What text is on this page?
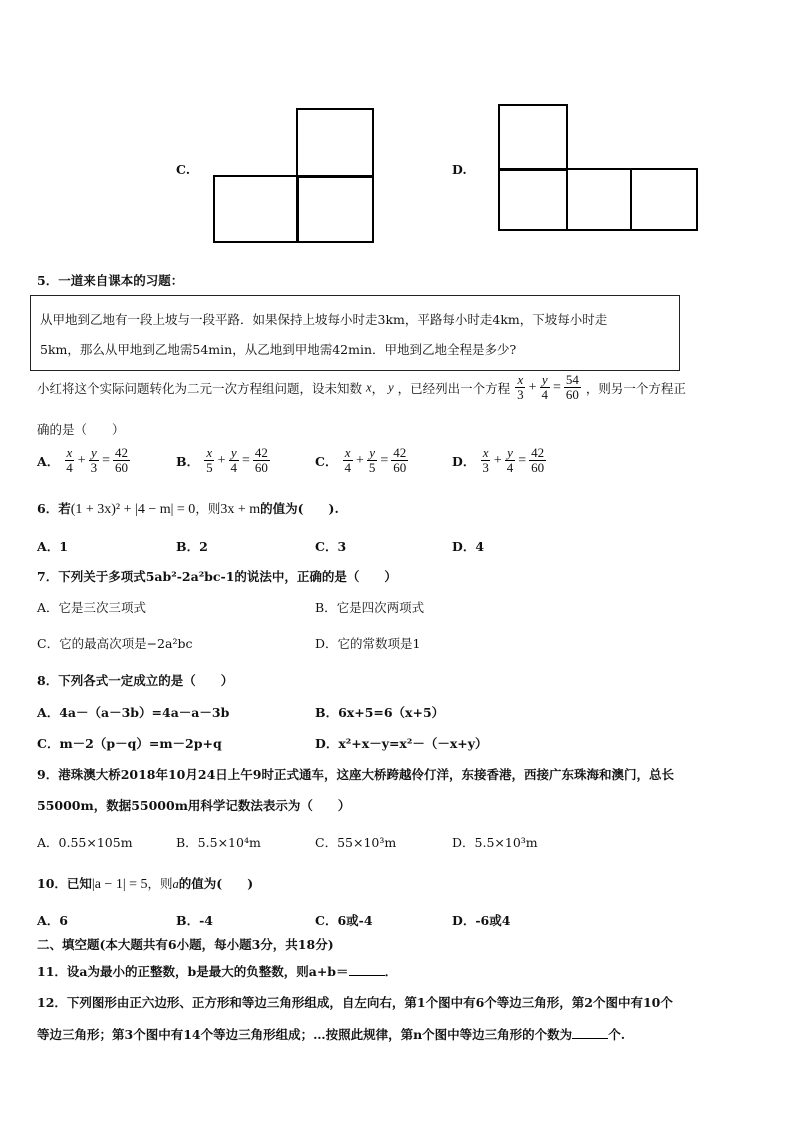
C.	D.
5．一道来自课本的习题：
从甲地到乙地有一段上坡与一段平路．如果保持上坡每小时走3km，平路每小时走4km，下坡每小时走
5km，那么从甲地到乙地需54min，从乙地到甲地需42min．甲地到乙地全程是多少?
小红将这个实际问题转化为二元一次方程组问题，设未知数 x， y ，已经列出一个方程 $\frac{x}{3} + \frac{y}{4} = \frac{54}{60}$ ，则另一个方程正
确的是（　　）
A． $\frac{x}{4} + \frac{y}{3} = \frac{42}{60}$	B． $\frac{x}{5} + \frac{y}{4} = \frac{42}{60}$	C． $\frac{x}{4} + \frac{y}{5} = \frac{42}{60}$	D． $\frac{x}{3} + \frac{y}{4} = \frac{42}{60}$
6．若(1 + 3x)² + |4 − m| = 0，则3x + m的值为(　　).
A．1	B．2	C．3	D．4
7．下列关于多项式5ab²-2a²bc-1的说法中，正确的是（　　）
A．它是三次三项式	B．它是四次两项式
C．它的最高次项是−2a²bc	D．它的常数项是1
8．下列各式一定成立的是（　　）
A．4a－（a－3b）=4a－a－3b	B．6x+5=6（x+5）
C．m－2（p－q）=m－2p+q	D．x²+x－y=x²－（－x+y）
9．港珠澳大桥2018年10月24日上午9时正式通车，这座大桥跨越伶仃洋，东接香港，西接广东珠海和澳门，总长
55000m，数据55000m用科学记数法表示为（　　）
A．0.55×105m	B．5.5×10⁴m	C．55×10³m	D．5.5×10³m
10．已知|a − 1| = 5，则a的值为(　　)
A．6	B．-4	C．6或-4	D．-6或4
二、填空题(本大题共有6小题，每小题3分，共18分)
11．设a为最小的正整数，b是最大的负整数，则a+b＝	．
12．下列图形由正六边形、正方形和等边三角形组成，自左向右，第1个图中有6个等边三角形，第2个图中有10个
等边三角形；第3个图中有14个等边三角形组成；…按照此规律，第n个图中等边三角形的个数为	个.
